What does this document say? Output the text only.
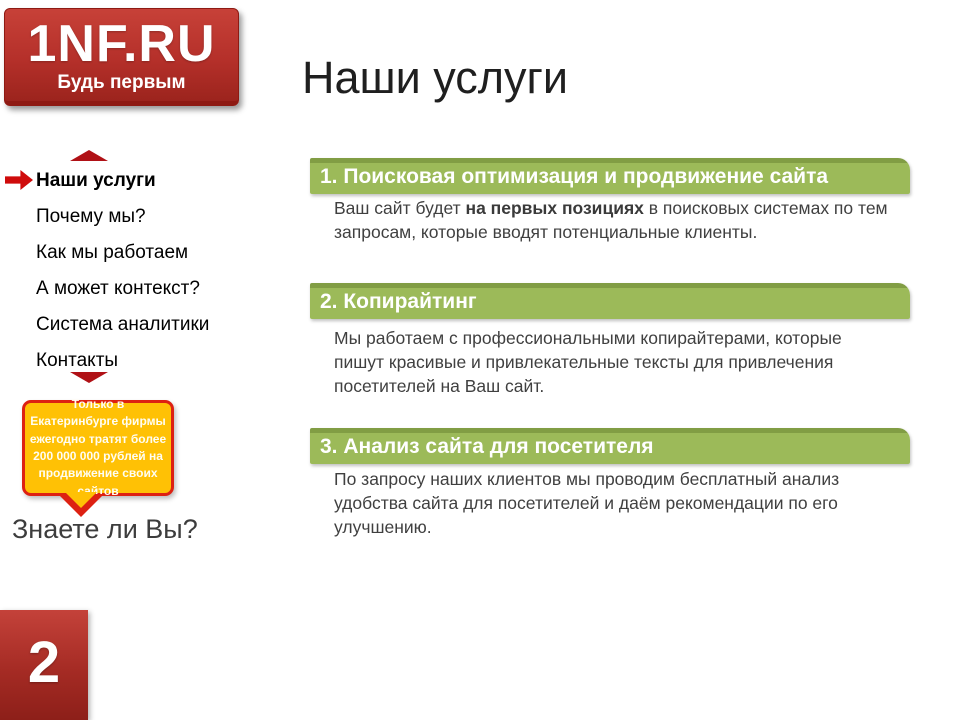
1NF.RU
Будь первым
Наши услуги
Почему мы?
Как мы работаем
А может контекст?
Система аналитики
Контакты
Только в Екатеринбурге фирмы ежегодно тратят более 200 000 000 рублей на продвижение своих сайтов
Знаете ли Вы?
2
Наши услуги
1. Поисковая оптимизация и продвижение сайта

Ваш сайт будет на первых позициях в поисковых системах по тем запросам, которые вводят потенциальные клиенты.

2. Копирайтинг

Мы работаем с профессиональными копирайтерами, которые пишут красивые и привлекательные тексты для привлечения посетителей на Ваш сайт.

3. Анализ сайта для посетителя

По запросу наших клиентов мы проводим бесплатный анализ удобства сайта для посетителей и даём рекомендации по его улучшению.
